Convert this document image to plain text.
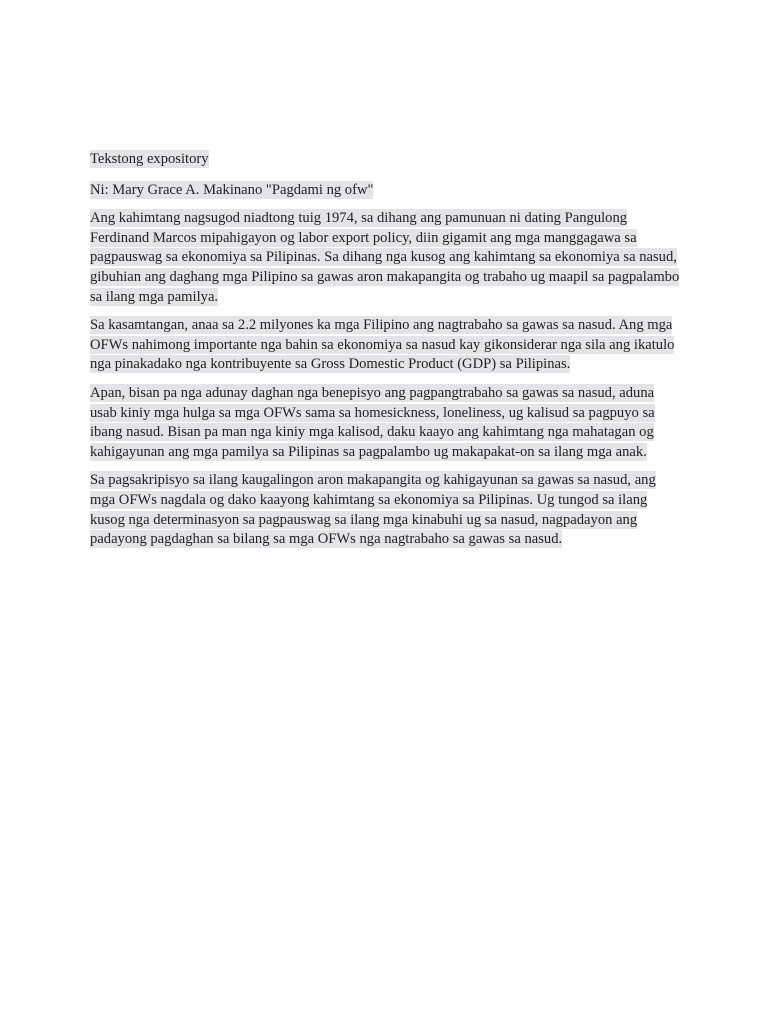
Tekstong expository

Ni: Mary Grace A. Makinano "Pagdami ng ofw"

Ang kahimtang nagsugod niadtong tuig 1974, sa dihang ang pamunuan ni dating Pangulong Ferdinand Marcos mipahigayon og labor export policy, diin gigamit ang mga manggagawa sa pagpauswag sa ekonomiya sa Pilipinas. Sa dihang nga kusog ang kahimtang sa ekonomiya sa nasud, gibuhian ang daghang mga Pilipino sa gawas aron makapangita og trabaho ug maapil sa pagpalambo sa ilang mga pamilya.

Sa kasamtangan, anaa sa 2.2 milyones ka mga Filipino ang nagtrabaho sa gawas sa nasud. Ang mga OFWs nahimong importante nga bahin sa ekonomiya sa nasud kay gikonsiderar nga sila ang ikatulo nga pinakadako nga kontribuyente sa Gross Domestic Product (GDP) sa Pilipinas.

Apan, bisan pa nga adunay daghan nga benepisyo ang pagpangtrabaho sa gawas sa nasud, aduna usab kiniy mga hulga sa mga OFWs sama sa homesickness, loneliness, ug kalisud sa pagpuyo sa ibang nasud. Bisan pa man nga kiniy mga kalisod, daku kaayo ang kahimtang nga mahatagan og kahigayunan ang mga pamilya sa Pilipinas sa pagpalambo ug makapakat-on sa ilang mga anak.

Sa pagsakripisyo sa ilang kaugalingon aron makapangita og kahigayunan sa gawas sa nasud, ang mga OFWs nagdala og dako kaayong kahimtang sa ekonomiya sa Pilipinas. Ug tungod sa ilang kusog nga determinasyon sa pagpauswag sa ilang mga kinabuhi ug sa nasud, nagpadayon ang padayong pagdaghan sa bilang sa mga OFWs nga nagtrabaho sa gawas sa nasud.
